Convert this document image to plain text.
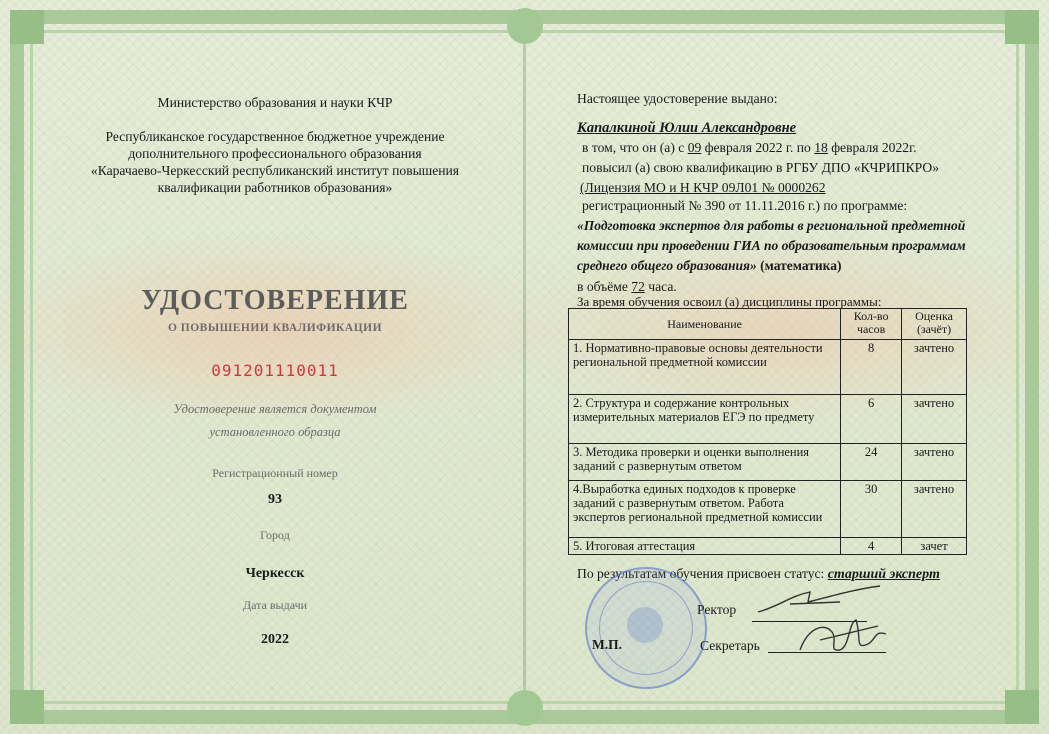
Министерство образования и науки КЧР
Республиканское государственное бюджетное учреждение
дополнительного профессионального образования
«Карачаево-Черкесский республиканский институт повышения
квалификации работников образования»
УДОСТОВЕРЕНИЕ
О ПОВЫШЕНИИ КВАЛИФИКАЦИИ
091201110011
Удостоверение является документом
установленного образца
Регистрационный номер
93
Город
Черкесск
Дата выдачи
2022
Настоящее удостоверение выдано:
Капалкиной Юлии Александровне
в том, что он (а) с 09 февраля 2022 г. по 18 февраля 2022г.
повысил (а) свою квалификацию в РГБУ ДПО «КЧРИПКРО»
(Лицензия МО и Н КЧР 09Л01 № 0000262
регистрационный № 390 от 11.11.2016 г.) по программе:
«Подготовка экспертов для работы в региональной предметной
комиссии при проведении ГИА по образовательным программам
среднего общего образования» (математика)
в объёме 72 часа.
За время обучения освоил (а) дисциплины программы:
Наименование	Кол-во часов	Оценка (зачёт)
1. Нормативно-правовые основы деятельности региональной предметной комиссии	8	зачтено
2. Структура и содержание контрольных измерительных материалов ЕГЭ по предмету	6	зачтено
3. Методика проверки и оценки выполнения заданий с развернутым ответом	24	зачтено
4.Выработка единых подходов к проверке заданий с развернутым ответом. Работа экспертов региональной предметной комиссии	30	зачтено
5. Итоговая аттестация	4	зачет
По результатам обучения присвоен статус: старший эксперт
Ректор
М.П.	Секретарь
